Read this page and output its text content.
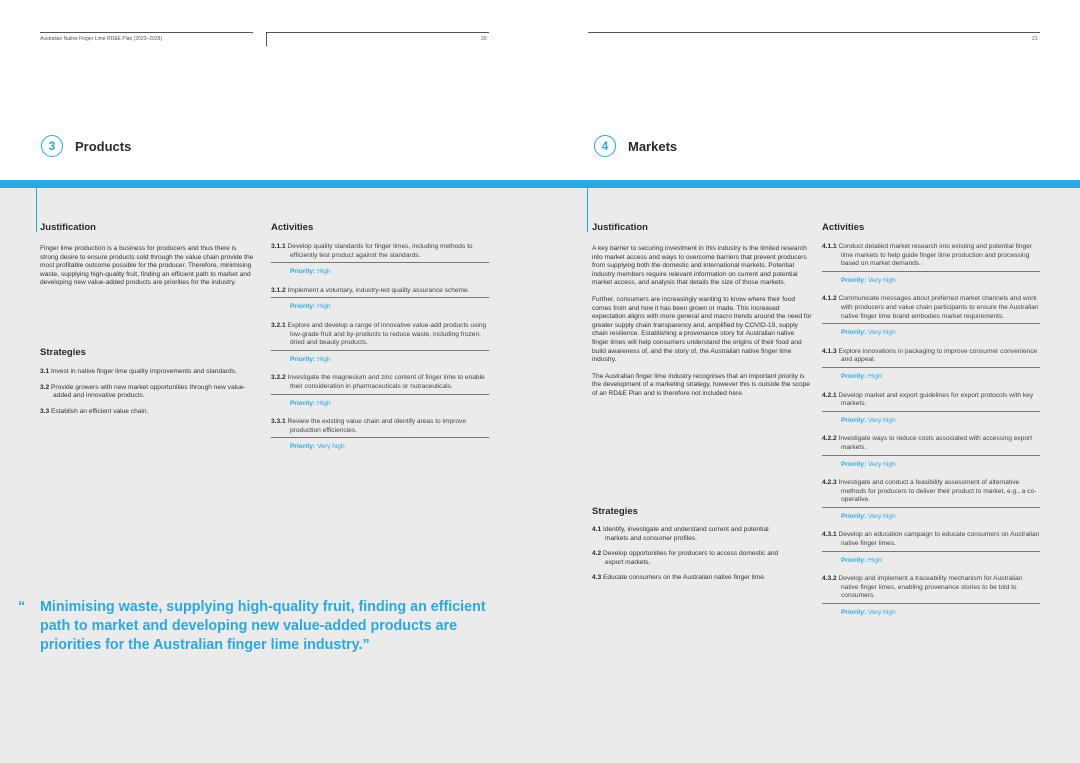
Australian Native Finger Lime RD&E Plan (2023–2028)	20	21
3	Products	4	Markets
Justification
Finger lime production is a business for producers and thus there is strong desire to ensure products sold through the value chain provide the most profitable outcome possible for the producer. Therefore, minimising waste, supplying high-quality fruit, finding an efficient path to market and developing new value-added products are priorities for the industry.
Strategies
3.1 Invest in native finger lime quality improvements and standards.
3.2 Provide growers with new market opportunities through new value-added and innovative products.
3.3 Establish an efficient value chain.
Activities
3.1.1 Develop quality standards for finger limes, including methods to efficiently test product against the standards.
Priority: High
3.1.2 Implement a voluntary, industry-led quality assurance scheme.
Priority: High
3.2.1 Explore and develop a range of innovative value-add products using low-grade fruit and by-products to reduce waste, including frozen, dried and beauty products.
Priority: High
3.2.2 Investigate the magnesium and zinc content of finger lime to enable their consideration in pharmaceuticals or nutraceuticals.
Priority: High
3.3.1 Review the existing value chain and identify areas to improve production efficiencies.
Priority: Very high
“	Minimising waste, supplying high-quality fruit, finding an efficient path to market and developing new value-added products are priorities for the Australian finger lime industry.”
Justification

A key barrier to securing investment in this industry is the limited research into market access and ways to overcome barriers that prevent producers from supplying both the domestic and international markets. Potential industry members require relevant information on current and potential market access, and analysis that details the size of those markets.

Further, consumers are increasingly wanting to know where their food comes from and how it has been grown or made. This increased expectation aligns with more general and macro trends around the need for greater supply chain transparency and, amplified by COVID-19, supply chain resilience. Establishing a provenance story for Australian native finger limes will help consumers understand the origins of their food and build awareness of, and the story of, the Australian native finger lime industry.

The Australian finger lime industry recognises that an important priority is the development of a marketing strategy, however this is outside the scope of an RD&E Plan and is therefore not included here.

Strategies
4.1 Identify, investigate and understand current and potential markets and consumer profiles.
4.2 Develop opportunities for producers to access domestic and export markets.
4.3 Educate consumers on the Australian native finger lime.
Activities
4.1.1 Conduct detailed market research into existing and potential finger lime markets to help guide finger lime production and processing based on market demands.
Priority: Very high
4.1.2 Communicate messages about preferred market channels and work with producers and value chain participants to ensure the Australian native finger lime brand embodies market requirements.
Priority: Very high
4.1.3 Explore innovations in packaging to improve consumer convenience and appeal.
Priority: High
4.2.1 Develop market and export guidelines for export protocols with key markets.
Priority: Very high
4.2.2 Investigate ways to reduce costs associated with accessing export markets.
Priority: Very high
4.2.3 Investigate and conduct a feasibility assessment of alternative methods for producers to deliver their product to market, e.g., a co-operative.
Priority: Very high
4.3.1 Develop an education campaign to educate consumers on Australian native finger limes.
Priority: High
4.3.2 Develop and implement a traceability mechanism for Australian native finger limes, enabling provenance stories to be told to consumers.
Priority: Very high
